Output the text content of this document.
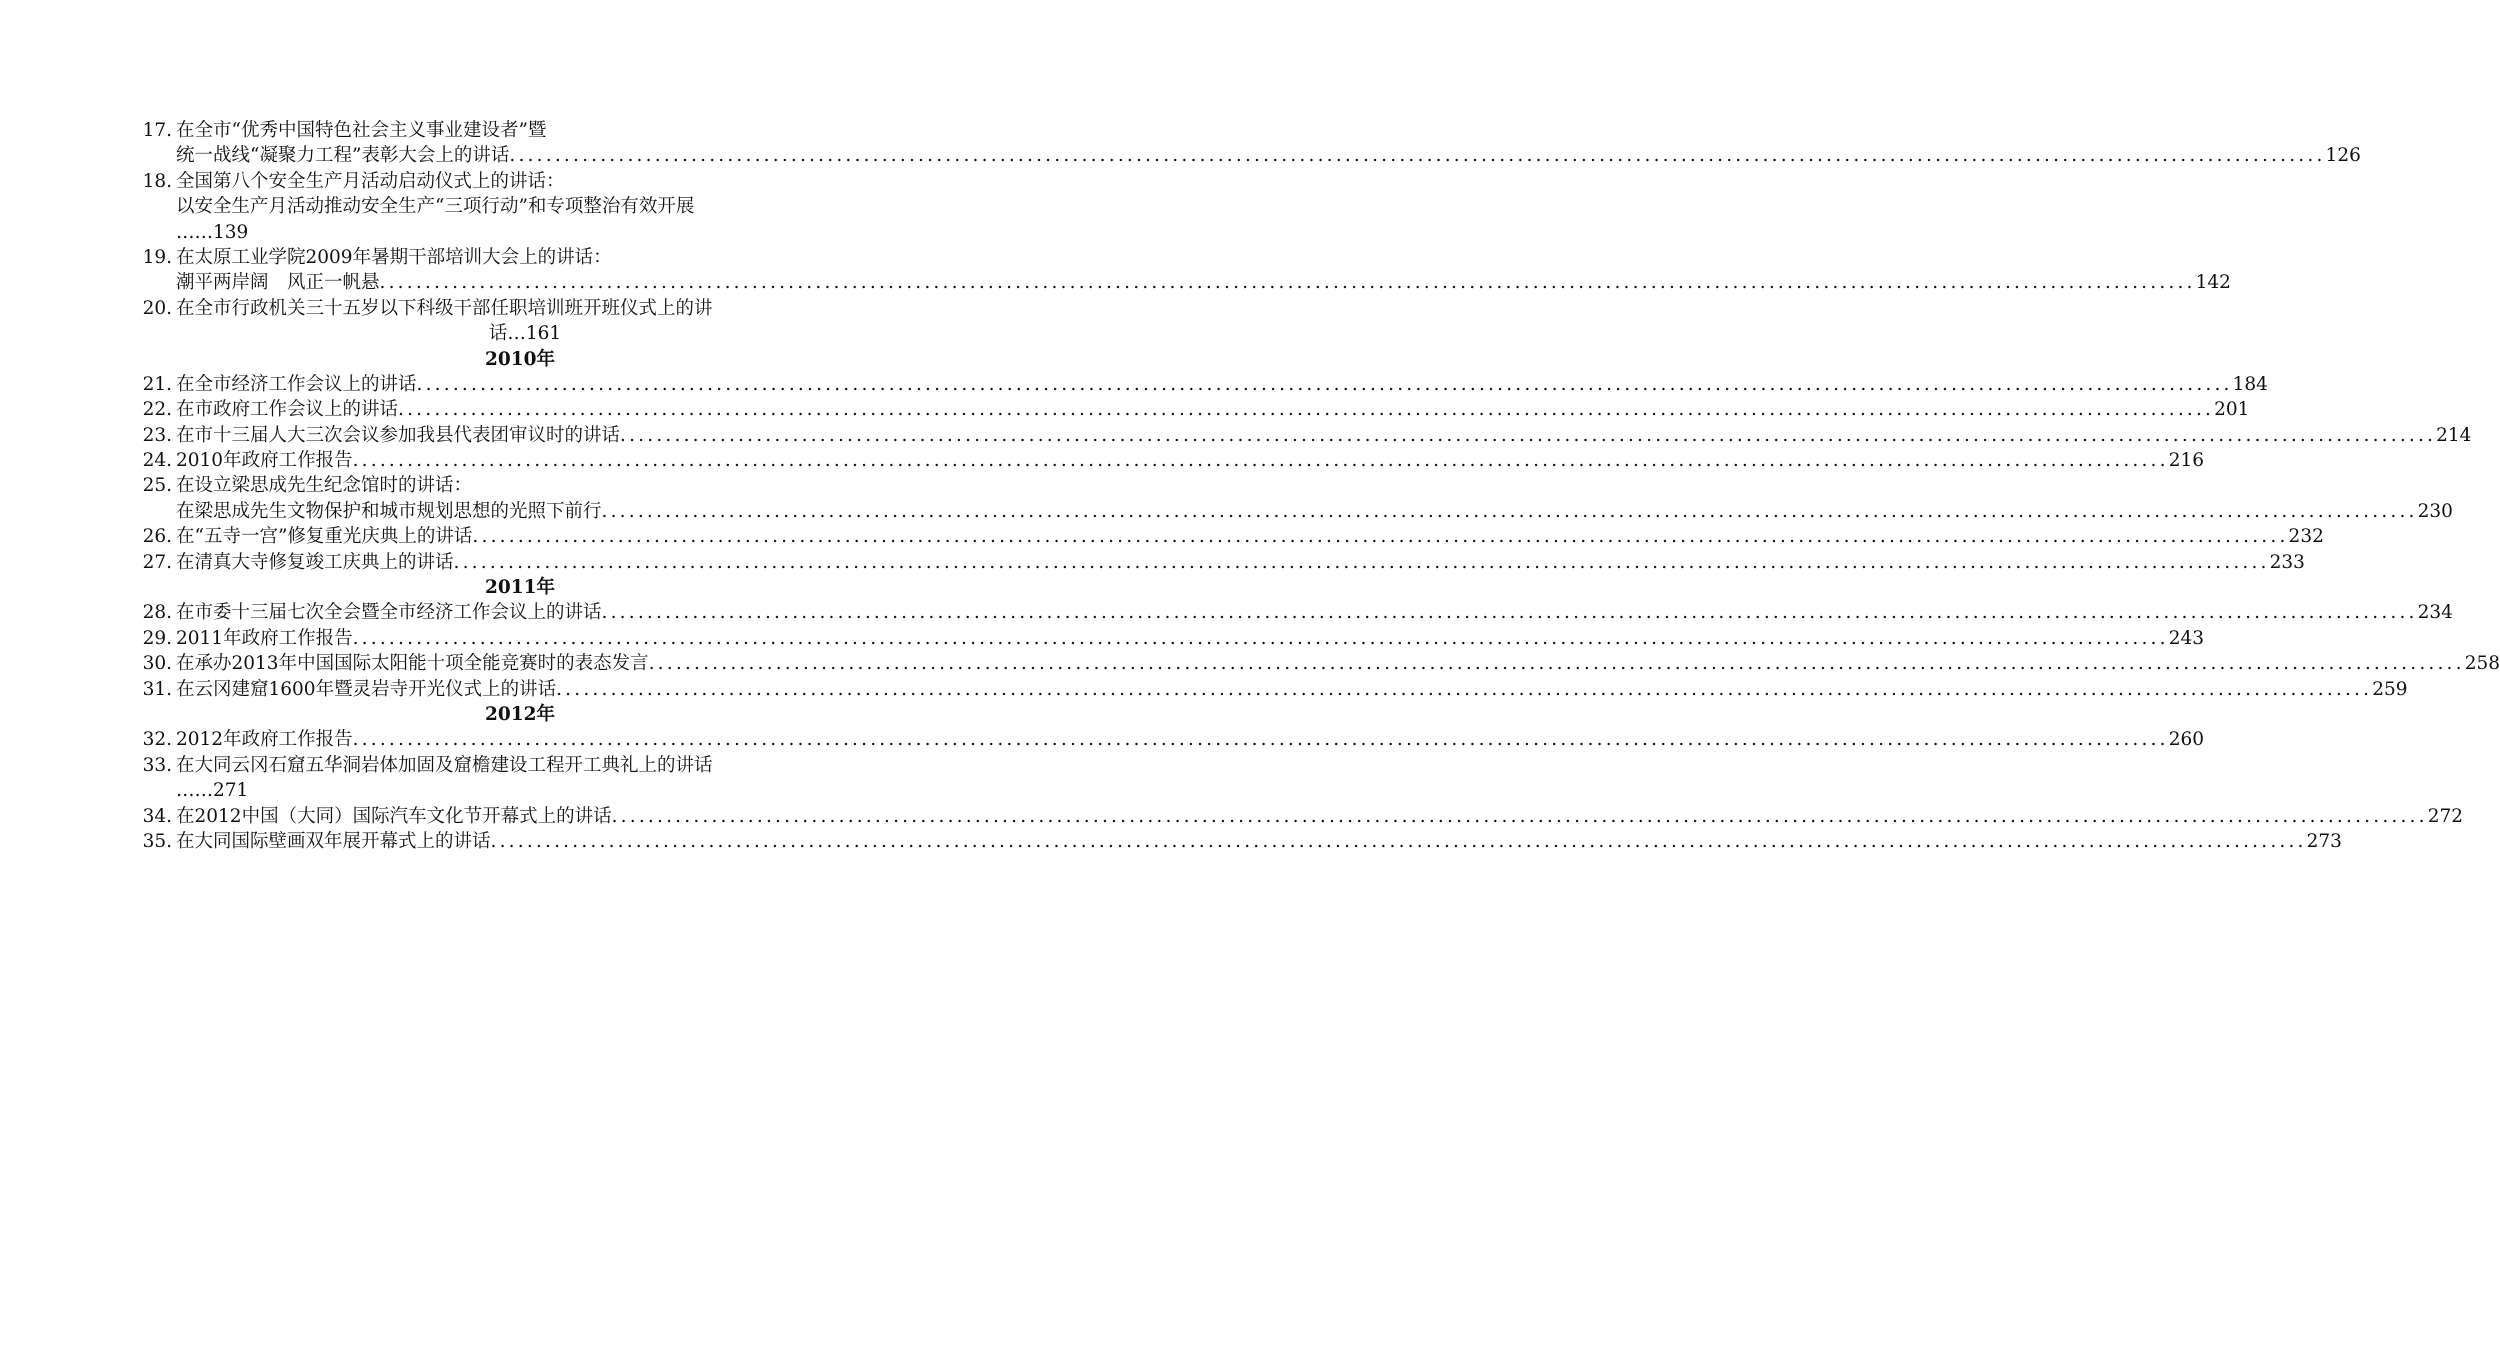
17. 在全市“优秀中国特色社会主义事业建设者”暨
统一战线“凝聚力工程”表彰大会上的讲话 ........................................................................................................................................................................................................ 126
18. 全国第八个安全生产月活动启动仪式上的讲话：
以安全生产月活动推动安全生产“三项行动”和专项整治有效开展
……139
19. 在太原工业学院2009年暑期干部培训大会上的讲话：
潮平两岸阔　风正一帆悬 ........................................................................................................................................................................................................ 142
20. 在全市行政机关三十五岁以下科级干部任职培训班开班仪式上的讲
话…161
2010年
21. 在全市经济工作会议上的讲话 ........................................................................................................................................................................................................ 184
22. 在市政府工作会议上的讲话 ........................................................................................................................................................................................................ 201
23. 在市十三届人大三次会议参加我县代表团审议时的讲话 ........................................................................................................................................................................................................ 214
24. 2010年政府工作报告 ........................................................................................................................................................................................................ 216
25. 在设立梁思成先生纪念馆时的讲话：
在梁思成先生文物保护和城市规划思想的光照下前行 ........................................................................................................................................................................................................ 230
26. 在“五寺一宫”修复重光庆典上的讲话 ........................................................................................................................................................................................................ 232
27. 在清真大寺修复竣工庆典上的讲话 ........................................................................................................................................................................................................ 233
2011年
28. 在市委十三届七次全会暨全市经济工作会议上的讲话 ........................................................................................................................................................................................................ 234
29. 2011年政府工作报告 ........................................................................................................................................................................................................ 243
30. 在承办2013年中国国际太阳能十项全能竞赛时的表态发言 ........................................................................................................................................................................................................ 258
31. 在云冈建窟1600年暨灵岩寺开光仪式上的讲话 ........................................................................................................................................................................................................ 259
2012年
32. 2012年政府工作报告 ........................................................................................................................................................................................................ 260
33. 在大同云冈石窟五华洞岩体加固及窟檐建设工程开工典礼上的讲话
……271
34. 在2012中国（大同）国际汽车文化节开幕式上的讲话 ........................................................................................................................................................................................................ 272
35. 在大同国际壁画双年展开幕式上的讲话 ........................................................................................................................................................................................................ 273
